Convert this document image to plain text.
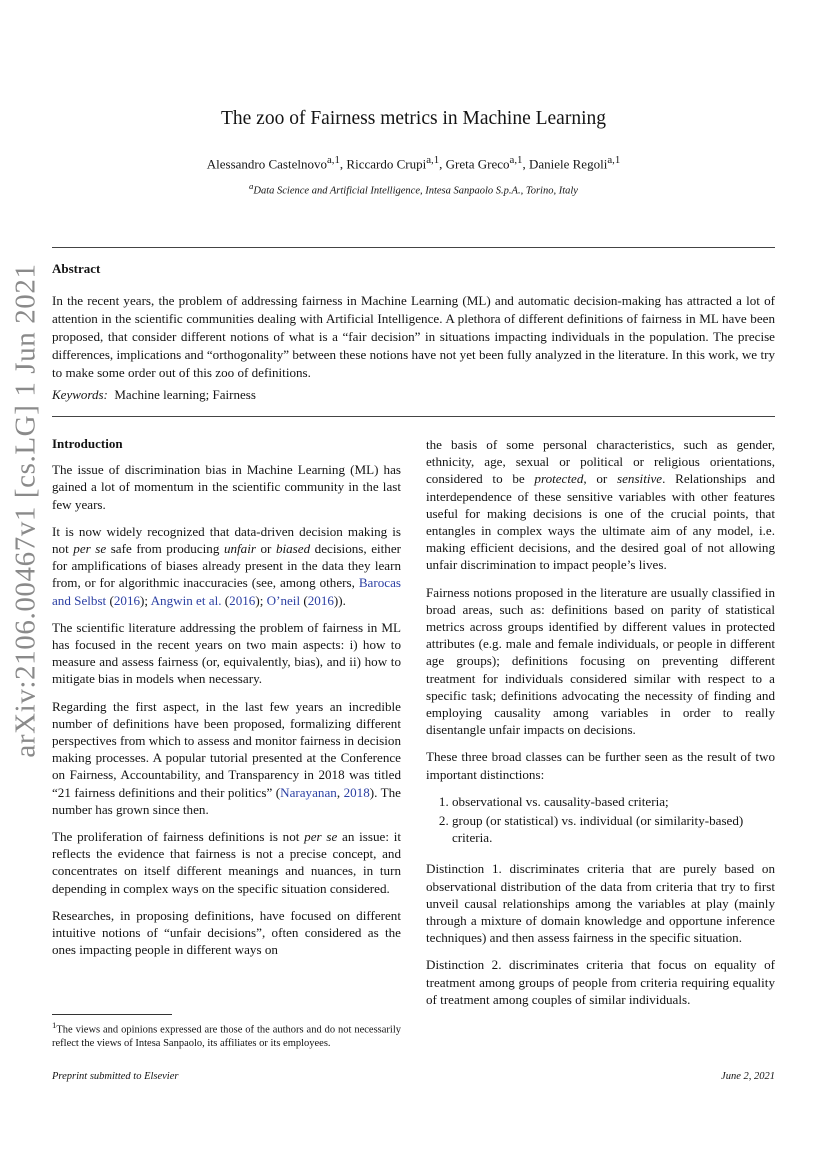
arXiv:2106.00467v1 [cs.LG] 1 Jun 2021
The zoo of Fairness metrics in Machine Learning
Alessandro Castelnovo$^{a,1}$, Riccardo Crupi$^{a,1}$, Greta Greco$^{a,1}$, Daniele Regoli$^{a,1}$
$^a$Data Science and Artificial Intelligence, Intesa Sanpaolo S.p.A., Torino, Italy
Abstract

In the recent years, the problem of addressing fairness in Machine Learning (ML) and automatic decision-making has attracted a lot of attention in the scientific communities dealing with Artificial Intelligence. A plethora of different definitions of fairness in ML have been proposed, that consider different notions of what is a “fair decision” in situations impacting individuals in the population. The precise differences, implications and “orthogonality” between these notions have not yet been fully analyzed in the literature. In this work, we try to make some order out of this zoo of definitions.

Keywords: Machine learning; Fairness
Introduction

The issue of discrimination bias in Machine Learning (ML) has gained a lot of momentum in the scientific community in the last few years.

It is now widely recognized that data-driven decision making is not per se safe from producing unfair or biased decisions, either for amplifications of biases already present in the data they learn from, or for algorithmic inaccuracies (see, among others, Barocas and Selbst (2016); Angwin et al. (2016); O’neil (2016)).

The scientific literature addressing the problem of fairness in ML has focused in the recent years on two main aspects: i) how to measure and assess fairness (or, equivalently, bias), and ii) how to mitigate bias in models when necessary.

Regarding the first aspect, in the last few years an incredible number of definitions have been proposed, formalizing different perspectives from which to assess and monitor fairness in decision making processes. A popular tutorial presented at the Conference on Fairness, Accountability, and Transparency in 2018 was titled “21 fairness definitions and their politics” (Narayanan, 2018). The number has grown since then.

The proliferation of fairness definitions is not per se an issue: it reflects the evidence that fairness is not a precise concept, and concentrates on itself different meanings and nuances, in turn depending in complex ways on the specific situation considered.

Researches, in proposing definitions, have focused on different intuitive notions of “unfair decisions”, often considered as the ones impacting people in different ways on

the basis of some personal characteristics, such as gender, ethnicity, age, sexual or political or religious orientations, considered to be protected, or sensitive. Relationships and interdependence of these sensitive variables with other features useful for making decisions is one of the crucial points, that entangles in complex ways the ultimate aim of any model, i.e. making efficient decisions, and the desired goal of not allowing unfair discrimination to impact people’s lives.

Fairness notions proposed in the literature are usually classified in broad areas, such as: definitions based on parity of statistical metrics across groups identified by different values in protected attributes (e.g. male and female individuals, or people in different age groups); definitions focusing on preventing different treatment for individuals considered similar with respect to a specific task; definitions advocating the necessity of finding and employing causality among variables in order to really disentangle unfair impacts on decisions.

These three broad classes can be further seen as the result of two important distinctions:

1. observational vs. causality-based criteria;
2. group (or statistical) vs. individual (or similarity-based) criteria.

Distinction 1. discriminates criteria that are purely based on observational distribution of the data from criteria that try to first unveil causal relationships among the variables at play (mainly through a mixture of domain knowledge and opportune inference techniques) and then assess fairness in the specific situation.

Distinction 2. discriminates criteria that focus on equality of treatment among groups of people from criteria requiring equality of treatment among couples of similar individuals.

$^1$The views and opinions expressed are those of the authors and do not necessarily reflect the views of Intesa Sanpaolo, its affiliates or its employees.

Preprint submitted to Elsevier	June 2, 2021
